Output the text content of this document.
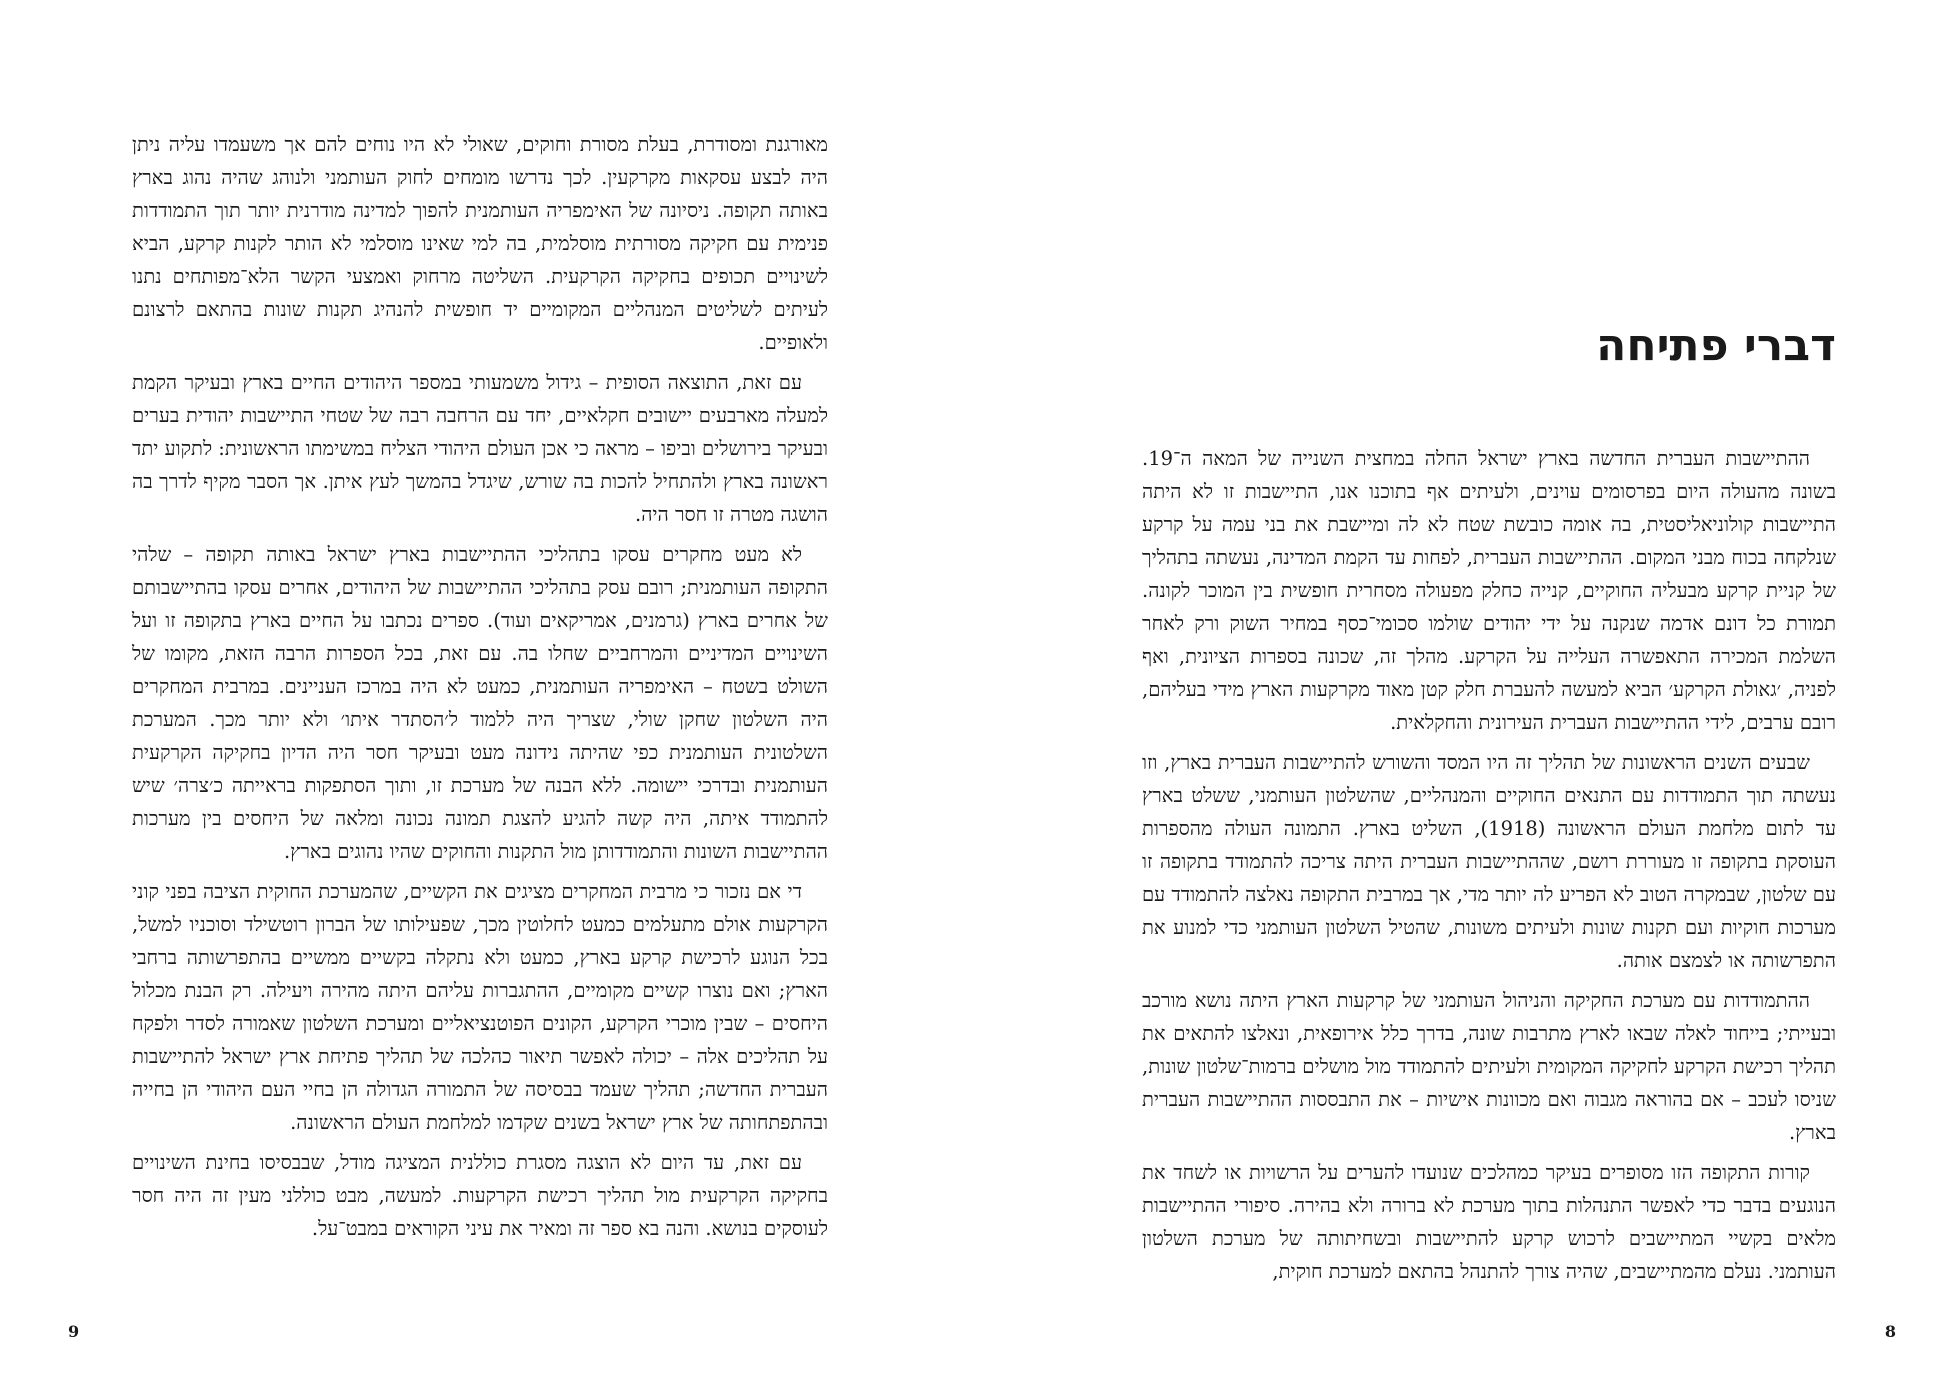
מאורגנת ומסודרת, בעלת מסורת וחוקים, שאולי לא היו נוחים להם אך משעמדו עליה ניתן היה לבצע עסקאות מקרקעין. לכך נדרשו מומחים לחוק העותמני ולנוהג שהיה נהוג בארץ באותה תקופה. ניסיונה של האימפריה העותמנית להפוך למדינה מודרנית יותר תוך התמודדות פנימית עם חקיקה מסורתית מוסלמית, בה למי שאינו מוסלמי לא הותר לקנות קרקע, הביא לשינויים תכופים בחקיקה הקרקעית. השליטה מרחוק ואמצעי הקשר הלא־מפותחים נתנו לעיתים לשליטים המנהליים המקומיים יד חופשית להנהיג תקנות שונות בהתאם לרצונם ולאופיים.

עם זאת, התוצאה הסופית – גידול משמעותי במספר היהודים החיים בארץ ובעיקר הקמת למעלה מארבעים יישובים חקלאיים, יחד עם הרחבה רבה של שטחי התיישבות יהודית בערים ובעיקר בירושלים וביפו – מראה כי אכן העולם היהודי הצליח במשימתו הראשונית: לתקוע יתד ראשונה בארץ ולהתחיל להכות בה שורש, שיגדל בהמשך לעץ איתן. אך הסבר מקיף לדרך בה הושגה מטרה זו חסר היה.

לא מעט מחקרים עסקו בתהליכי ההתיישבות בארץ ישראל באותה תקופה – שלהי התקופה העותמנית; רובם עסק בתהליכי ההתיישבות של היהודים, אחרים עסקו בהתיישבותם של אחרים בארץ (גרמנים, אמריקאים ועוד). ספרים נכתבו על החיים בארץ בתקופה זו ועל השינויים המדיניים והמרחביים שחלו בה. עם זאת, בכל הספרות הרבה הזאת, מקומו של השולט בשטח – האימפריה העותמנית, כמעט לא היה במרכז העניינים. במרבית המחקרים היה השלטון שחקן שולי, שצריך היה ללמוד ל׳הסתדר איתו׳ ולא יותר מכך. המערכת השלטונית העותמנית כפי שהיתה נידונה מעט ובעיקר חסר היה הדיון בחקיקה הקרקעית העותמנית ובדרכי יישומה. ללא הבנה של מערכת זו, ותוך הסתפקות בראייתה כ׳צרה׳ שיש להתמודד איתה, היה קשה להגיע להצגת תמונה נכונה ומלאה של היחסים בין מערכות ההתיישבות השונות והתמודדותן מול התקנות והחוקים שהיו נהוגים בארץ.

די אם נזכור כי מרבית המחקרים מציגים את הקשיים, שהמערכת החוקית הציבה בפני קוני הקרקעות אולם מתעלמים כמעט לחלוטין מכך, שפעילותו של הברון רוטשילד וסוכניו למשל, בכל הנוגע לרכישת קרקע בארץ, כמעט ולא נתקלה בקשיים ממשיים בהתפרשותה ברחבי הארץ; ואם נוצרו קשיים מקומיים, ההתגברות עליהם היתה מהירה ויעילה. רק הבנת מכלול היחסים – שבין מוכרי הקרקע, הקונים הפוטנציאליים ומערכת השלטון שאמורה לסדר ולפקח על תהליכים אלה – יכולה לאפשר תיאור כהלכה של תהליך פתיחת ארץ ישראל להתיישבות העברית החדשה; תהליך שעמד בבסיסה של התמורה הגדולה הן בחיי העם היהודי הן בחייה ובהתפתחותה של ארץ ישראל בשנים שקדמו למלחמת העולם הראשונה.

עם זאת, עד היום לא הוצגה מסגרת כוללנית המציגה מודל, שבבסיסו בחינת השינויים בחקיקה הקרקעית מול תהליך רכישת הקרקעות. למעשה, מבט כוללני מעין זה היה חסר לעוסקים בנושא. והנה בא ספר זה ומאיר את עיני הקוראים במבט־על.

9
דברי פתיחה

ההתיישבות העברית החדשה בארץ ישראל החלה במחצית השנייה של המאה ה־19. בשונה מהעולה היום בפרסומים עוינים, ולעיתים אף בתוכנו אנו, התיישבות זו לא היתה התיישבות קולוניאליסטית, בה אומה כובשת שטח לא לה ומיישבת את בני עמה על קרקע שנלקחה בכוח מבני המקום. ההתיישבות העברית, לפחות עד הקמת המדינה, נעשתה בתהליך של קניית קרקע מבעליה החוקיים, קנייה כחלק מפעולה מסחרית חופשית בין המוכר לקונה. תמורת כל דונם אדמה שנקנה על ידי יהודים שולמו סכומי־כסף במחיר השוק ורק לאחר השלמת המכירה התאפשרה העלייה על הקרקע. מהלך זה, שכונה בספרות הציונית, ואף לפניה, ׳גאולת הקרקע׳ הביא למעשה להעברת חלק קטן מאוד מקרקעות הארץ מידי בעליהם, רובם ערבים, לידי ההתיישבות העברית העירונית והחקלאית.

שבעים השנים הראשונות של תהליך זה היו המסד והשורש להתיישבות העברית בארץ, וזו נעשתה תוך התמודדות עם התנאים החוקיים והמנהליים, שהשלטון העותמני, ששלט בארץ עד לתום מלחמת העולם הראשונה (1918), השליט בארץ. התמונה העולה מהספרות העוסקת בתקופה זו מעוררת רושם, שההתיישבות העברית היתה צריכה להתמודד בתקופה זו עם שלטון, שבמקרה הטוב לא הפריע לה יותר מדי, אך במרבית התקופה נאלצה להתמודד עם מערכות חוקיות ועם תקנות שונות ולעיתים משונות, שהטיל השלטון העותמני כדי למנוע את התפרשותה או לצמצם אותה.

ההתמודדות עם מערכת החקיקה והניהול העותמני של קרקעות הארץ היתה נושא מורכב ובעייתי; בייחוד לאלה שבאו לארץ מתרבות שונה, בדרך כלל אירופאית, ונאלצו להתאים את תהליך רכישת הקרקע לחקיקה המקומית ולעיתים להתמודד מול מושלים ברמות־שלטון שונות, שניסו לעכב – אם בהוראה מגבוה ואם מכוונות אישיות – את התבססות ההתיישבות העברית בארץ.

קורות התקופה הזו מסופרים בעיקר כמהלכים שנועדו להערים על הרשויות או לשחד את הנוגעים בדבר כדי לאפשר התנהלות בתוך מערכת לא ברורה ולא בהירה. סיפורי ההתיישבות מלאים בקשיי המתיישבים לרכוש קרקע להתיישבות ובשחיתותה של מערכת השלטון העותמני. נעלם מהמתיישבים, שהיה צורך להתנהל בהתאם למערכת חוקית,

8
